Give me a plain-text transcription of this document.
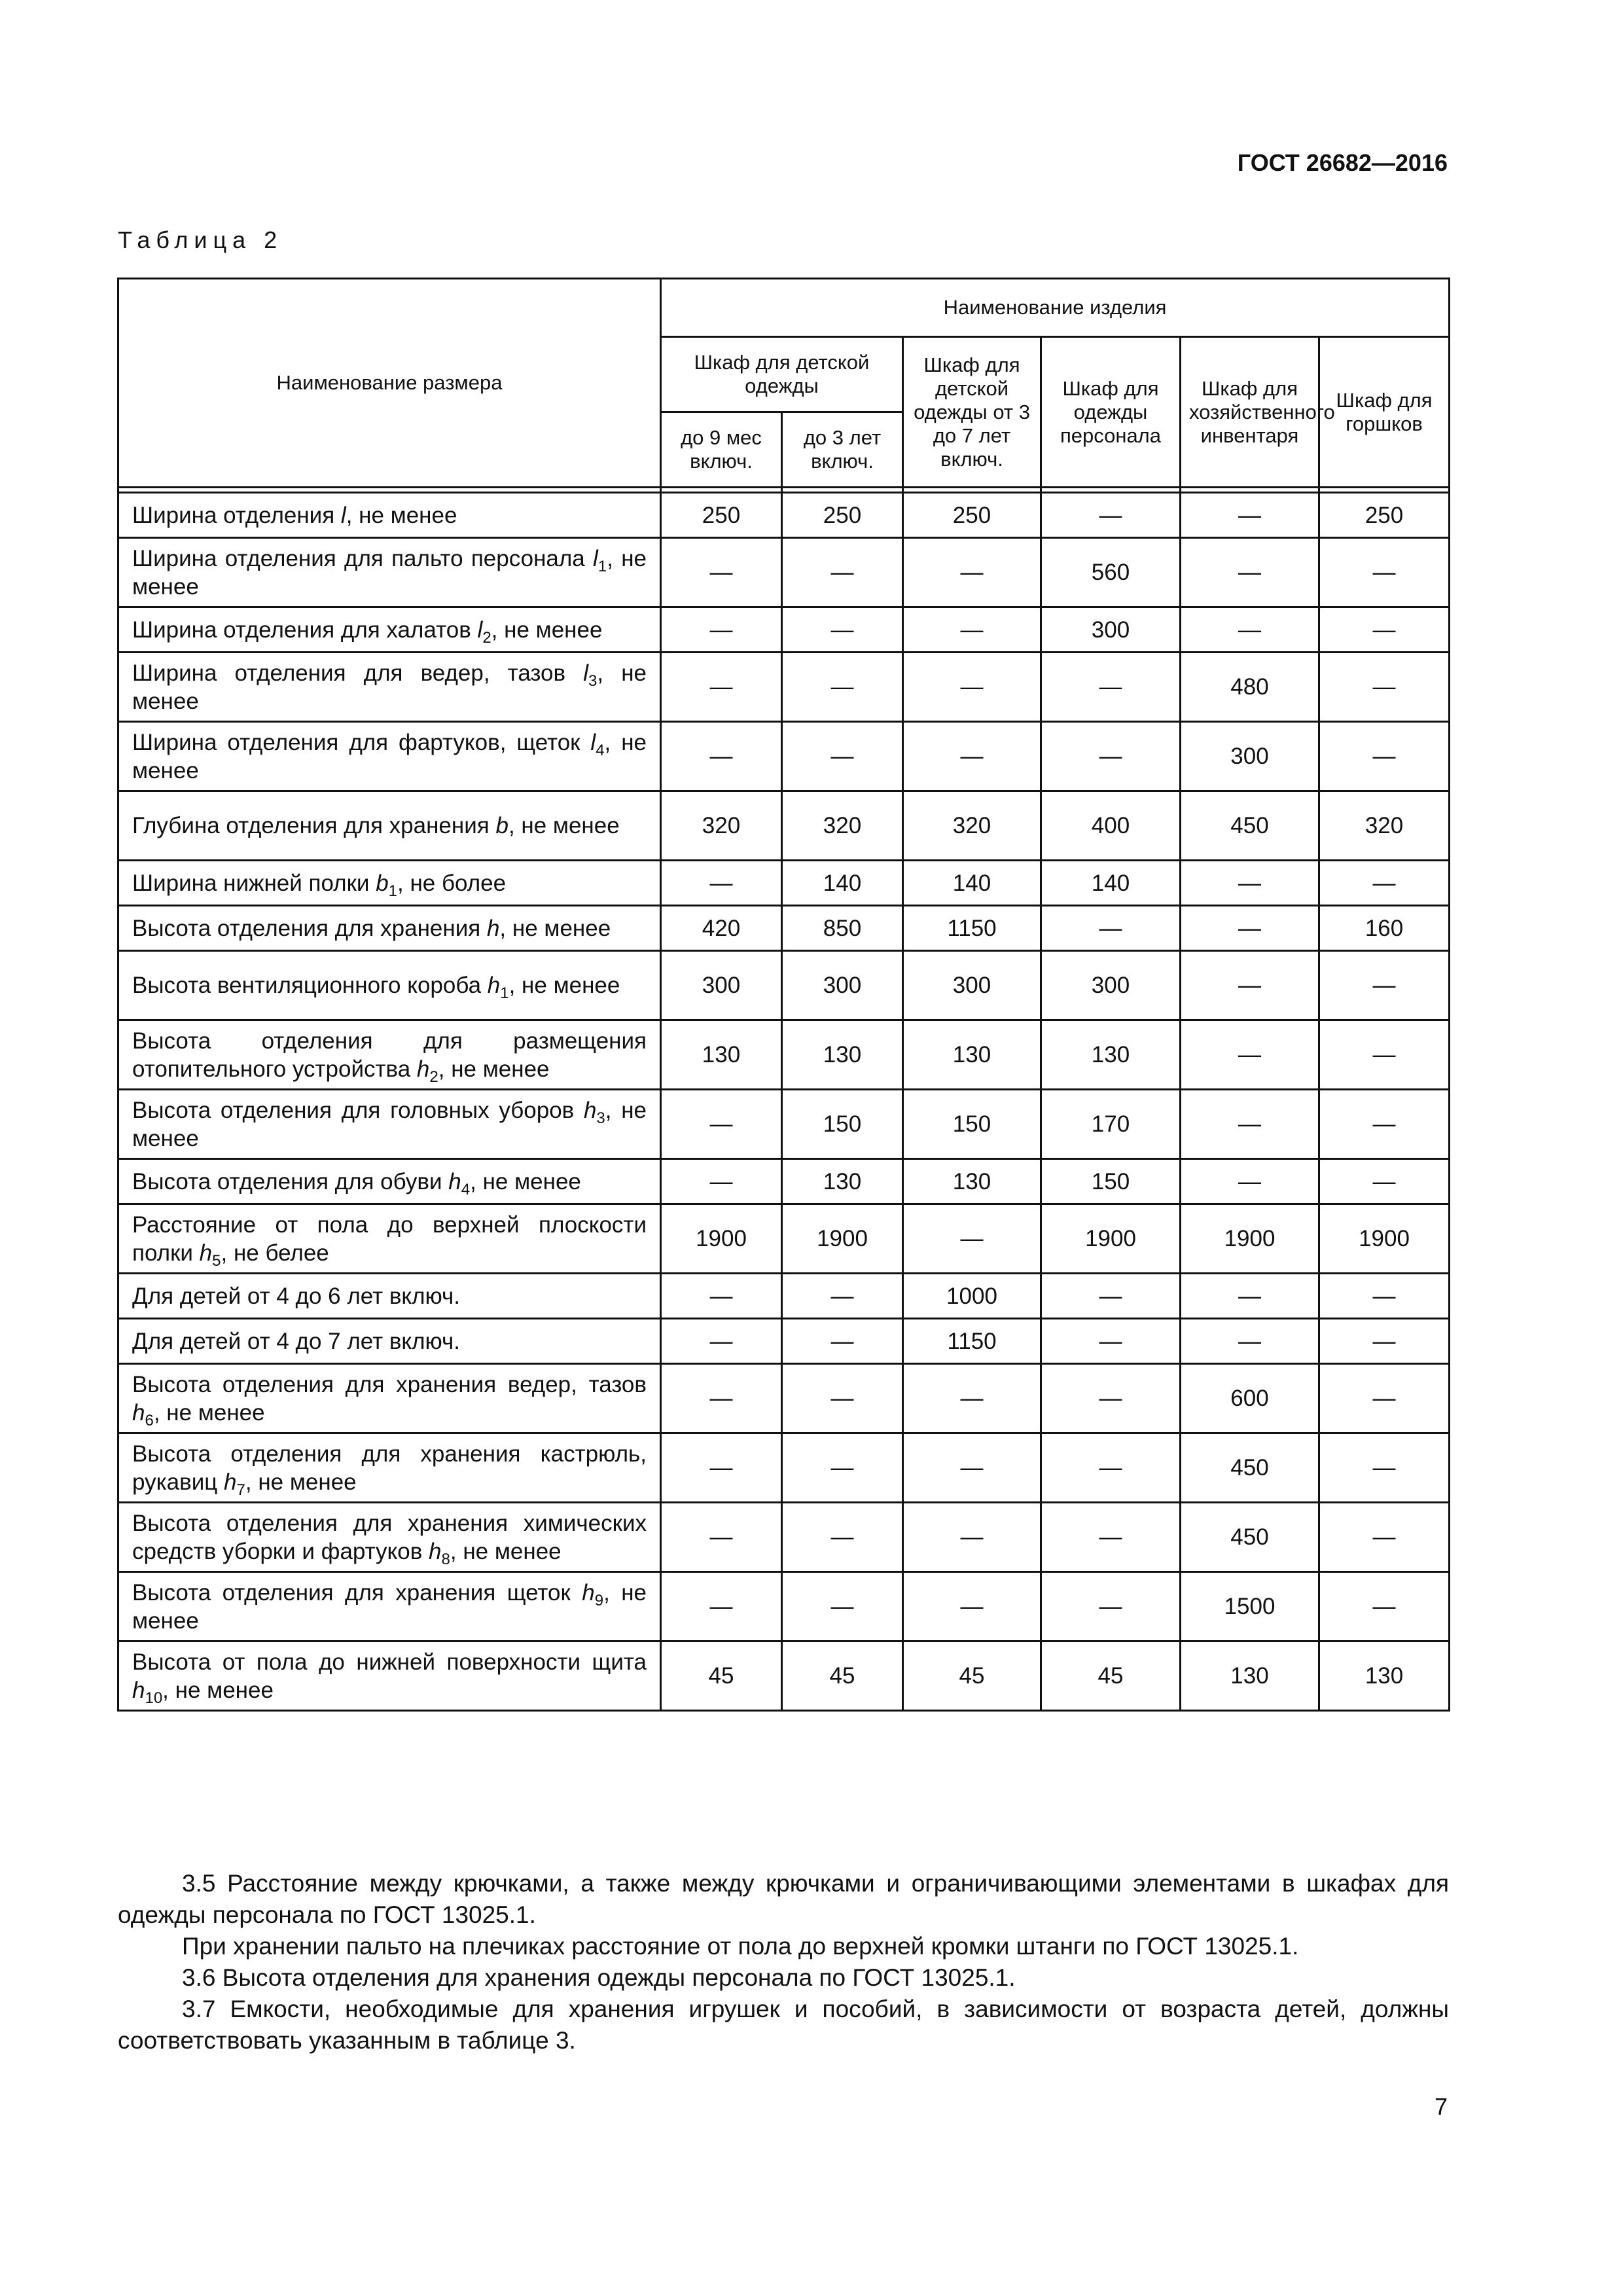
ГОСТ 26682—2016
Таблица 2
Наименование размера	Наименование изделия					
	Шкаф для детской одежды		Шкаф для детской одежды от 3 до 7 лет включ.	Шкаф для одежды персонала	Шкаф для хозяйственного инвентаря	Шкаф для горшков
	до 9 мес включ.	до 3 лет включ.				

Ширина отделения l, не менее	250	250	250	—	—	250
Ширина отделения для пальто персонала $l_1$, не менее	—	—	—	560	—	—
Ширина отделения для халатов $l_2$, не менее	—	—	—	300	—	—
Ширина отделения для ведер, тазов $l_3$, не менее	—	—	—	—	480	—
Ширина отделения для фартуков, щеток $l_4$, не менее	—	—	—	—	300	—
Глубина отделения для хранения b, не менее	320	320	320	400	450	320
Ширина нижней полки $b_1$, не более	—	140	140	140	—	—
Высота отделения для хранения h, не менее	420	850	1150	—	—	160
Высота вентиляционного короба $h_1$, не менее	300	300	300	300	—	—
Высота отделения для размещения отопительного устройства $h_2$, не менее	130	130	130	130	—	—
Высота отделения для головных уборов $h_3$, не менее	—	150	150	170	—	—
Высота отделения для обуви $h_4$, не менее	—	130	130	150	—	—
Расстояние от пола до верхней плоскости полки $h_5$, не белее	1900	1900	—	1900	1900	1900
Для детей от 4 до 6 лет включ.	—	—	1000	—	—	—
Для детей от 4 до 7 лет включ.	—	—	1150	—	—	—
Высота отделения для хранения ведер, тазов $h_6$, не менее	—	—	—	—	600	—
Высота отделения для хранения кастрюль, рукавиц $h_7$, не менее	—	—	—	—	450	—
Высота отделения для хранения химических средств уборки и фартуков $h_8$, не менее	—	—	—	—	450	—
Высота отделения для хранения щеток $h_9$, не менее	—	—	—	—	1500	—
Высота от пола до нижней поверхности щита $h_{10}$, не менее	45	45	45	45	130	130

3.5 Расстояние между крючками, а также между крючками и ограничивающими элементами в шкафах для одежды персонала по ГОСТ 13025.1.

При хранении пальто на плечиках расстояние от пола до верхней кромки штанги по ГОСТ 13025.1.

3.6 Высота отделения для хранения одежды персонала по ГОСТ 13025.1.

3.7 Емкости, необходимые для хранения игрушек и пособий, в зависимости от возраста детей, должны соответствовать указанным в таблице 3.

7
